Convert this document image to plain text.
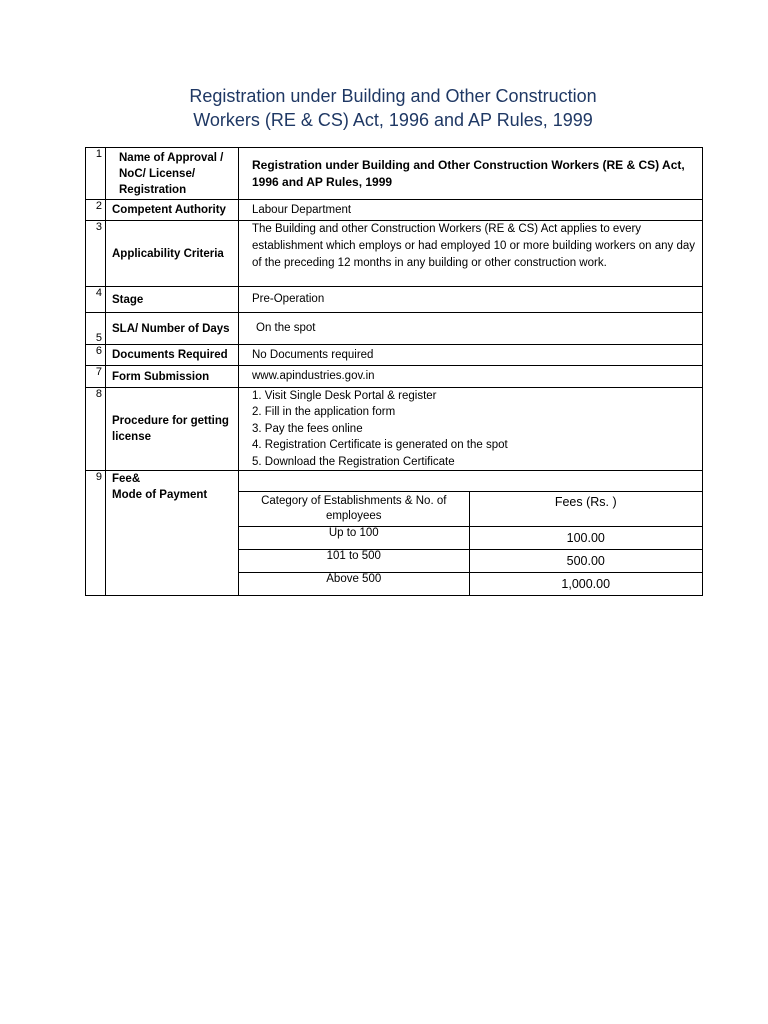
Registration under Building and Other Construction
Workers (RE & CS) Act, 1996 and AP Rules, 1999
1	Name of Approval / NoC/ License/ Registration	Registration under Building and Other Construction Workers (RE & CS) Act, 1996 and AP Rules, 1999
2	Competent Authority	Labour Department
3	Applicability Criteria	The Building and other Construction Workers (RE & CS) Act applies to every establishment which employs or had employed 10 or more building workers on any day of the preceding 12 months in any building or other construction work.
4	Stage	Pre-Operation
5	SLA/ Number of Days	On the spot
6	Documents Required	No Documents required
7	Form Submission	www.apindustries.gov.in
8	Procedure for getting license	
1. Visit Single Desk Portal & register
2. Fill in the application form
3. Pay the fees online
4. Registration Certificate is generated on the spot
5. Download the Registration Certificate

9	Fee&
Mode of Payment
		Category of Establishments & No. of employees	Fees (Rs. )
Up to 100	100.00
101 to 500	500.00
Above 500	1,000.00
